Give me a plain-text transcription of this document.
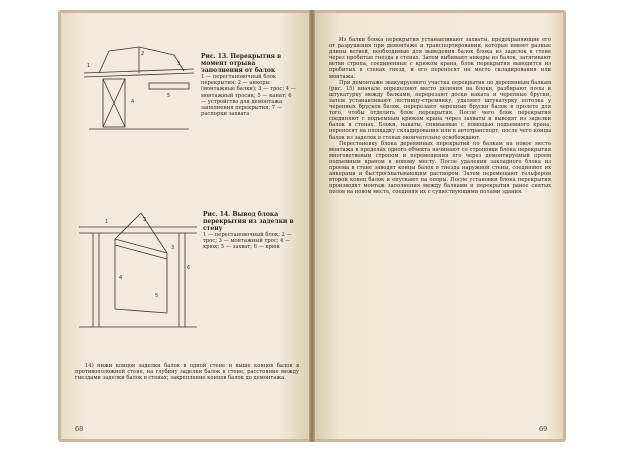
1
2
3
4
5
Рис. 13. Перекрытия в момент отрыва заполнения от балок
1 — перестановочный блок перекрытия; 2 — анкеры (монтажные балки); 3 — трос; 4 — монтажный тросик; 5 — канат; 6 — устройство для демонтажа заполнения перекрытия; 7 — распорки захвата
1	2
3
4
5
6
Рис. 14. Вывод блока перекрытия из заделки в стену
1 — перестановочный блок; 2 — трос; 3 — монтажный трос; 4 — крюк; 5 — захват; 6 — крюк

14) нижи концов заделки балок в одной стене и выше концов балок в противоположной стене, на глубину заделки балок в стене; расстояние между гнездами заделки балок в стенах; закрепление концов балок до демонтажа.

68

Из балки блока перекрытия устанавливают захваты, предохраняющие его от разрушения при демонтаже и транспортировании, которые имеют разные длины ветвей, необходимые для выведения балок блока из заделок в стене через пробитые гнезда в стенах. Затем выбивают анкеры из балок, затягивают ветви стропа, соединенные с крюком крана, блок перекрытия выводится из пробитых в стенах гнезд, и его переносят на место складирования или монтажа.

При демонтаже эвакуируемого участка перекрытия по деревянным балкам (рис. 15) вначале определяют место деления на блоки, разбирают полы и штукатурку между балками, перерезают доски наката и черепные бруски, затем устанавливают лестницу-стремянку, удаляют штукатурку потолка у черепных брусков балок, перерезают черепные бруски балок в пролете для того, чтобы отделить блок перекрытия. После чего блок перекрытия соединяют с подъемным крюком крана через захваты и выводят из заделки балок в стенах. Блоки, накаты, снимаемые с помощью подъемного крана, переносят на площадку складирования или в автотранспорт, после чего концы балок из заделок в стенах окончательно освобождают.

Перестановку блока деревянных перекрытий по балкам на новое место монтажа в пределах одного объекта начинают со строповки блока перекрытия многоветвевым стропом и перемещения его через демонтируемый проем подъемным краном к новому месту. После удаления закладного блока из проема в стене заводят концы балок в гнезда наружной стены, соединяют их анкерами и быстросхватывающим раствором. Затем перемещают тельфером второй конец балок и опускают на опоры. После установки блока перекрытия производят монтаж заполнения между балками и перекрытия ранее снятых полов на новом месте, соединяя их с существующими полами здания.

69
